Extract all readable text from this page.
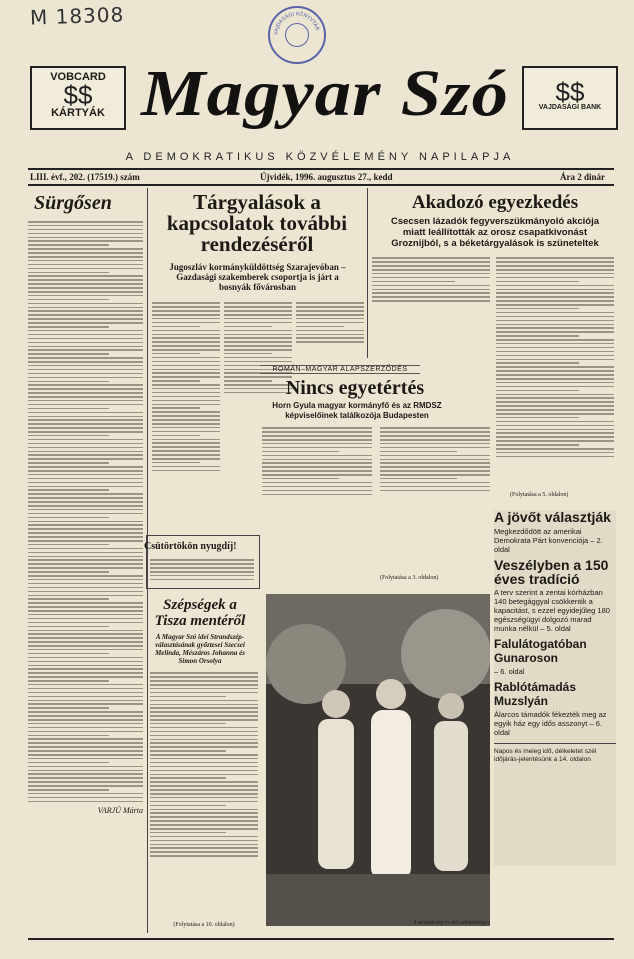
M 18308
VAJDASÁGI KÖNYVTÁR
VOBCARD
$$
KÁRTYÁK Magyar Szó	$$
VAJDASÁGI BANK
A DEMOKRATIKUS KÖZVÉLEMÉNY NAPILAPJA
LIII. évf., 202. (17519.) szám	Újvidék, 1996. augusztus 27., kedd	Ára 2 dinár
Sürgősen
VARJÚ Márta
Tárgyalások a kapcsolatok további rendezéséről
Jugoszláv kormányküldöttség Szarajevóban – Gazdasági szakemberek csoportja is járt a bosnyák fővárosban
Akadozó egyezkedés
Csecsen lázadók fegyverszükmányoló akciója miatt leállították az orosz csapatkivonást Groznijból, s a béketárgyalások is szüneteltek
(Folytatása a 5. oldalon)
ROMÁN–MAGYAR ALAPSZERZŐDÉS
Nincs egyetértés
Horn Gyula magyar kormányfő és az RMDSZ képviselőinek találkozója Budapesten
(Folytatása a 3. oldalon)
Csütörtökön nyugdíj!
Szépségek a Tisza mentéről
A Magyar Szó ideí Strandszép-választásának győztesei Szecsei Melinda, Mészáros Johanna és Simon Orsolya
(Folytatása a 10. oldalon)	A strandszép és két udvarhölgye
A jövőt választják
Megkezdődött az amerikai Demokrata Párt konvenciója – 2. oldal
Veszélyben a 150 éves tradíció
A terv szerint a zentai kórházban 140 betegággyal csökkentik a kapacitást, s ezzel egyidejűleg 180 egészségügyi dolgozó marad munka nélkül – 5. oldal
Falulátogatóban Gunaroson
– 6. oldal
Rablótámadás Muzslyán
Álarcos támadók fékezték meg az egyik ház egy idős asszonyt – 6. oldal
Napos és meleg idő, délkeletet szél időjárás-jelentésünk a 14. oldalon
